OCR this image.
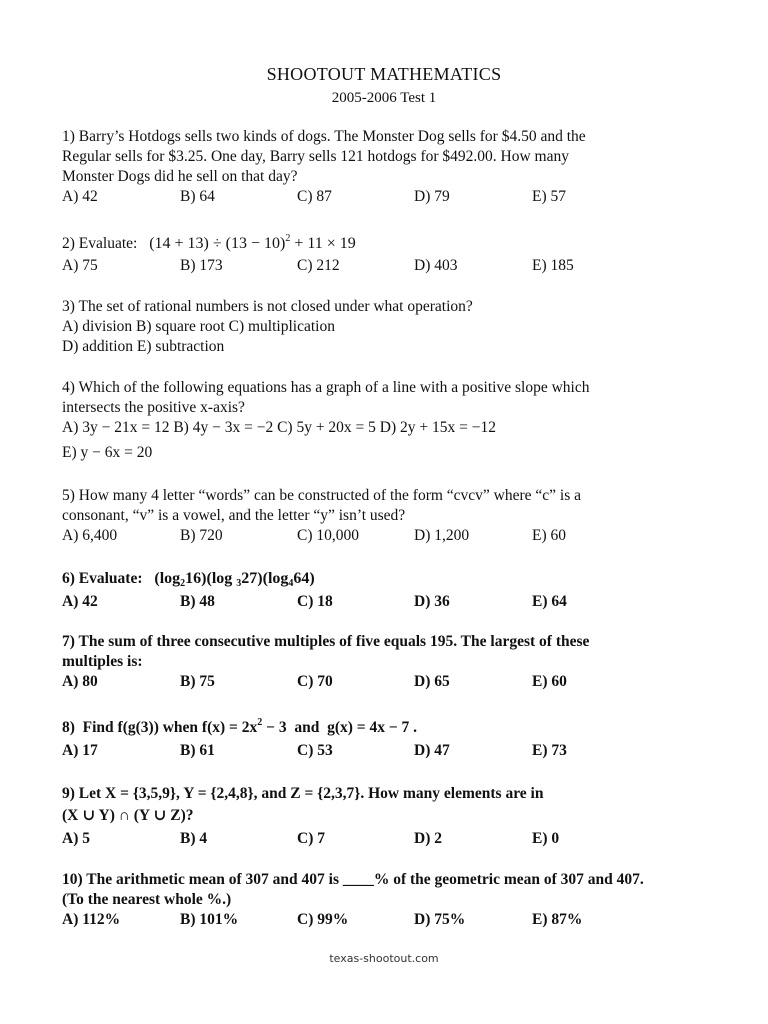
SHOOTOUT MATHEMATICS
2005-2006 Test 1
1) Barry’s Hotdogs sells two kinds of dogs. The Monster Dog sells for $4.50 and the
Regular sells for $3.25. One day, Barry sells 121 hotdogs for $492.00. How many
Monster Dogs did he sell on that day?
A) 42	B) 64	C) 87	D) 79	E) 57
2) Evaluate: $(14 + 13) \div (13 - 10)^2 + 11 \times 19$
A) 75	B) 173	C) 212	D) 403	E) 185
3) The set of rational numbers is not closed under what operation?
A) division B) square root C) multiplication
D) addition E) subtraction
4) Which of the following equations has a graph of a line with a positive slope which
intersects the positive x-axis?
A) 3y − 21x = 12 B) 4y − 3x = −2 C) 5y + 20x = 5 D) 2y + 15x = −12
E) y − 6x = 20
5) How many 4 letter “words” can be constructed of the form “cvcv” where “c” is a
consonant, “v” is a vowel, and the letter “y” isn’t used?
A) 6,400	B) 720	C) 10,000	D) 1,200	E) 60
6) Evaluate: $(\log_216)(\log$ $_327)(\log_464)$
A) 42	B) 48	C) 18	D) 36	E) 64
7) The sum of three consecutive multiples of five equals 195. The largest of these
multiples is:
A) 80	B) 75	C) 70	D) 65	E) 60
8)  Find f(g(3)) when $f(x) = 2x^2 - 3$  and  g(x) = 4x − 7 .
A) 17	B) 61	C) 53	D) 47	E) 73
9) Let X = {3,5,9}, Y = {2,4,8}, and Z = {2,3,7}. How many elements are in
(X ∪ Y) ∩ (Y ∪ Z)?
A) 5	B) 4	C) 7	D) 2	E) 0
10) The arithmetic mean of 307 and 407 is ____% of the geometric mean of 307 and 407.
(To the nearest whole %.)
A) 112%	B) 101%	C) 99%	D) 75%	E) 87%
texas-shootout.com
